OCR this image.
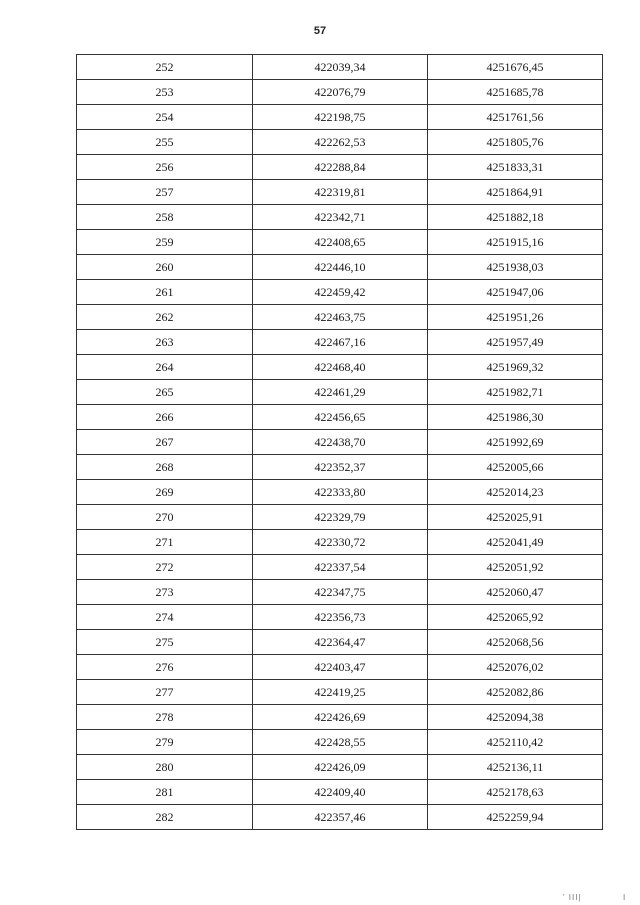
57
252	422039,34	4251676,45
253	422076,79	4251685,78
254	422198,75	4251761,56
255	422262,53	4251805,76
256	422288,84	4251833,31
257	422319,81	4251864,91
258	422342,71	4251882,18
259	422408,65	4251915,16
260	422446,10	4251938,03
261	422459,42	4251947,06
262	422463,75	4251951,26
263	422467,16	4251957,49
264	422468,40	4251969,32
265	422461,29	4251982,71
266	422456,65	4251986,30
267	422438,70	4251992,69
268	422352,37	4252005,66
269	422333,80	4252014,23
270	422329,79	4252025,91
271	422330,72	4252041,49
272	422337,54	4252051,92
273	422347,75	4252060,47
274	422356,73	4252065,92
275	422364,47	4252068,56
276	422403,47	4252076,02
277	422419,25	4252082,86
278	422426,69	4252094,38
279	422428,55	4252110,42
280	422426,09	4252136,11
281	422409,40	4252178,63
282	422357,46	4252259,94
' III|	I
